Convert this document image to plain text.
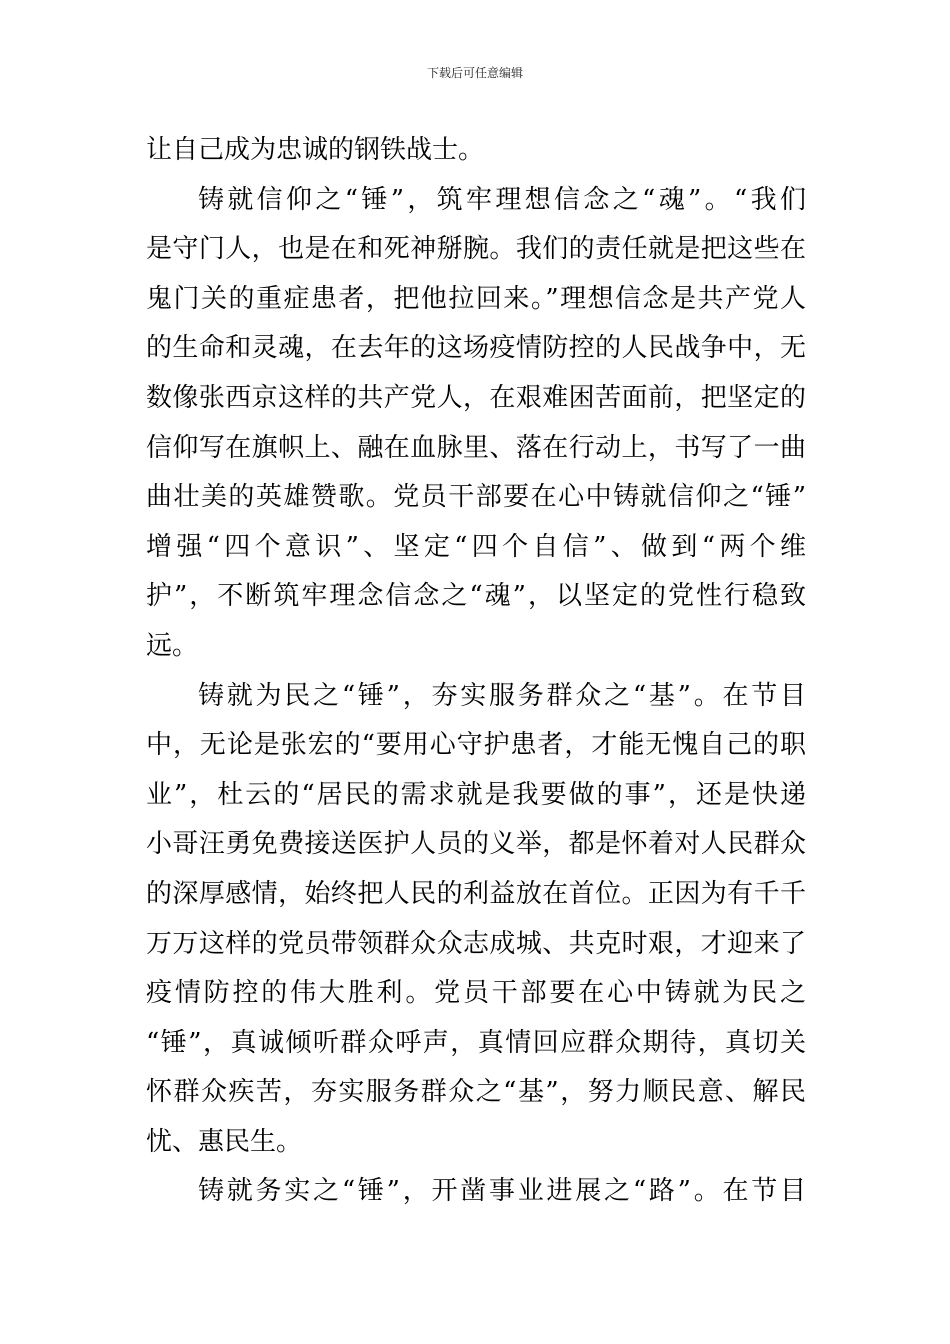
下载后可任意编辑
让自己成为忠诚的钢铁战士。
铸就信仰之“锤”，筑牢理想信念之“魂”。“我们
是守门人，也是在和死神掰腕。我们的责任就是把这些在
鬼门关的重症患者，把他拉回来。”理想信念是共产党人
的生命和灵魂，在去年的这场疫情防控的人民战争中，无
数像张西京这样的共产党人，在艰难困苦面前，把坚定的
信仰写在旗帜上、融在血脉里、落在行动上，书写了一曲
曲壮美的英雄赞歌。党员干部要在心中铸就信仰之“锤”
增强“四个意识”、坚定“四个自信”、做到“两个维
护”，不断筑牢理念信念之“魂”，以坚定的党性行稳致
远。
铸就为民之“锤”，夯实服务群众之“基”。在节目
中，无论是张宏的“要用心守护患者，才能无愧自己的职
业”，杜云的“居民的需求就是我要做的事”，还是快递
小哥汪勇免费接送医护人员的义举，都是怀着对人民群众
的深厚感情，始终把人民的利益放在首位。正因为有千千
万万这样的党员带领群众众志成城、共克时艰，才迎来了
疫情防控的伟大胜利。党员干部要在心中铸就为民之
“锤”，真诚倾听群众呼声，真情回应群众期待，真切关
怀群众疾苦，夯实服务群众之“基”，努力顺民意、解民
忧、惠民生。
铸就务实之“锤”，开凿事业进展之“路”。在节目
